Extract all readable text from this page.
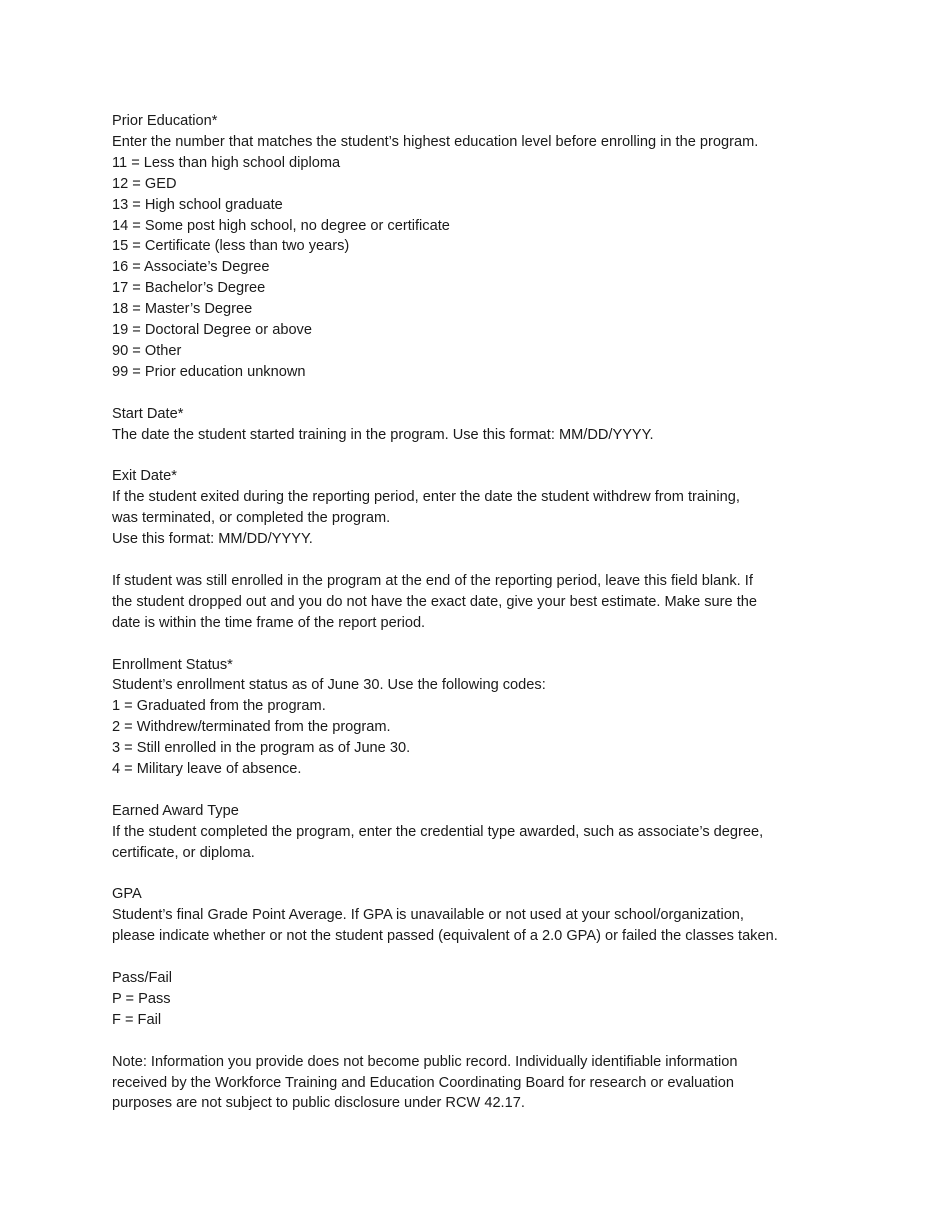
Prior Education*
Enter the number that matches the student’s highest education level before enrolling in the program.
11 = Less than high school diploma
12 = GED
13 = High school graduate
14 = Some post high school, no degree or certificate
15 = Certificate (less than two years)
16 = Associate’s Degree
17 = Bachelor’s Degree
18 = Master’s Degree
19 = Doctoral Degree or above
90 = Other
99 = Prior education unknown
Start Date*
The date the student started training in the program. Use this format: MM/DD/YYYY.
Exit Date*
If the student exited during the reporting period, enter the date the student withdrew from training,
was terminated, or completed the program.
Use this format: MM/DD/YYYY.
If student was still enrolled in the program at the end of the reporting period, leave this field blank. If
the student dropped out and you do not have the exact date, give your best estimate. Make sure the
date is within the time frame of the report period.
Enrollment Status*
Student’s enrollment status as of June 30. Use the following codes:
1 = Graduated from the program.
2 = Withdrew/terminated from the program.
3 = Still enrolled in the program as of June 30.
4 = Military leave of absence.
Earned Award Type
If the student completed the program, enter the credential type awarded, such as associate’s degree,
certificate, or diploma.
GPA
Student’s final Grade Point Average. If GPA is unavailable or not used at your school/organization,
please indicate whether or not the student passed (equivalent of a 2.0 GPA) or failed the classes taken.
Pass/Fail
P = Pass
F = Fail
Note: Information you provide does not become public record. Individually identifiable information
received by the Workforce Training and Education Coordinating Board for research or evaluation
purposes are not subject to public disclosure under RCW 42.17.
